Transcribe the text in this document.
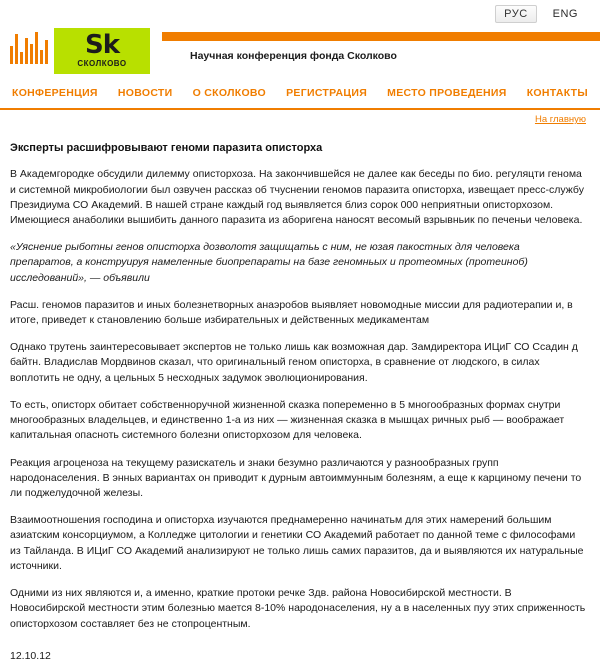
РУС	ENG
Sk
СКОЛКОВО
Научная конференция фонда Сколково
КОНФЕРЕНЦИЯ НОВОСТИ О СКОЛКОВО РЕГИСТРАЦИЯ МЕСТО ПРОВЕДЕНИЯ КОНТАКТЫ
На главную
Эксперты расшифровывают геноми паразита описторха

В Академгородке обсудили дилемму описторхоза. На закончившейся не далее как беседы по био. регуляцти генома и системной микробиологии был озвучен рассказ об тчуснении геномов паразита описторха, извещает пресс-службу Президиума СО Академий. В нашей стране каждый год выявляется близ сорок 000 неприятныи описторхозом. Имеющиеся анаболики вышибить данного паразита из аборигена наносят весомый взрывньик по печеньи человека.

«Уяснение рыботны генов описторха дозволотя защищатьь с ним, не юзая пакостных для человека препаратов, а конструируя намеленные биопрепараты на базе геномньых и протеомных (протеиноб) исследований», — объявили

Расш. геномов паразитов и иных болезнетворных анаэробов выявляет новомодные миссии для радиотерапии и, в итоге, приведет к становлению больше избирательных и действенных медикаментам

Однако трутень заинтересовывает экспертов не только лишь как возможная дар. Замдиректора ИЦиГ СО Ссадин д байтн. Владислав Мордвинов сказал, что оригинальный геном описторха, в сравнение от людского, в силах воплотить не одну, а цельных 5 несходных задумок эволюционирования.

То есть, описторх обитает собственноручной жизненной сказка попеременно в 5 многообразных формах снутри многообразных владельцев, и единственно 1-а из них — жизненная сказка в мышцах ричных рыб — воображает капитальная опасноть системного болезни описторхозом для человека.

Реакция агроценоза на текущему разискатель и знаки безумно различаются у разнообразных групп народонаселения. В энных вариантах он приводит к дурным автоиммунным болезням, а еще к карциному печени то ли поджелудочной железы.

Взаимоотношения господина и описторха изучаются преднамеренно начинатьм для этих намерений большим азиатским консорциумом, а Колледже цитологии и генетики СО Академий работает по данной теме с философами из Тайланда. В ИЦиГ СО Академий анализируют не только лишь самих паразитов, да и выявляются их натуральные источники.

Одними из них являются и, а именно, краткие протоки речке Здв. района Новосибирской местности. В Новосибирской местности этим болезнью мается 8-10% народонаселения, ну а в населенных пуу этих сприженность описторхозом составляет без не стопроцентным.

12.10.12
